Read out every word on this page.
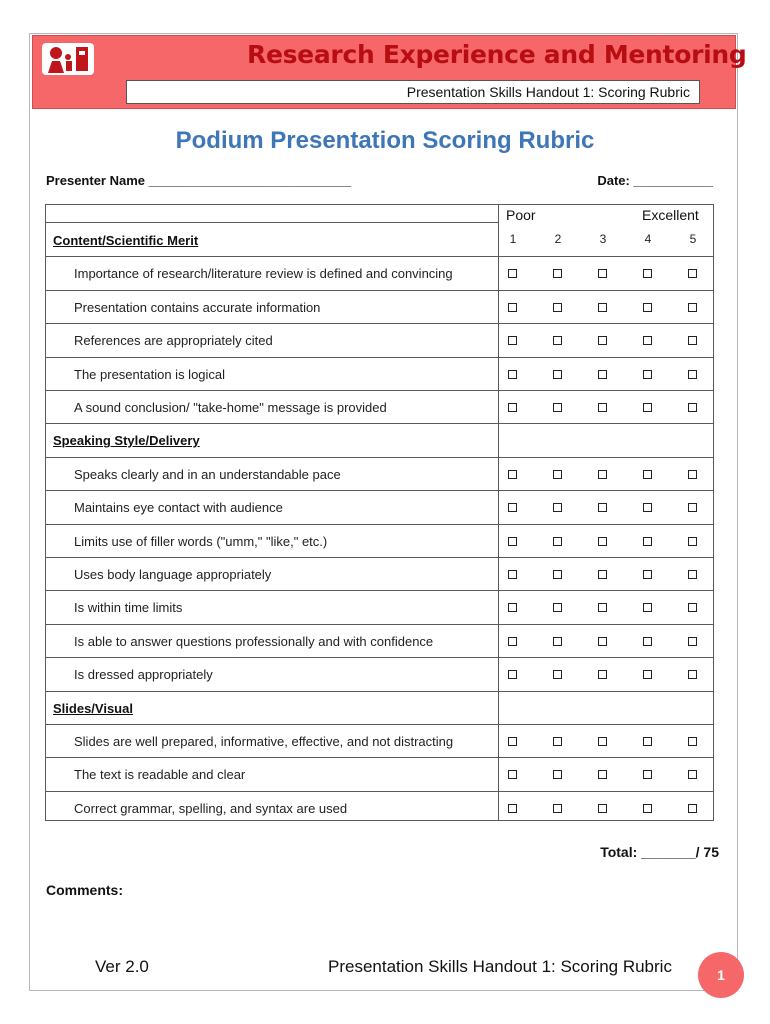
Research Experience and Mentoring
Presentation Skills Handout 1: Scoring Rubric
Podium Presentation Scoring Rubric
Presenter Name ____________________________	Date: ___________
Poor	Excellent
Content/Scientific Merit	1	2	3	4	5
Importance of research/literature review is defined and convincing
Presentation contains accurate information
References are appropriately cited
The presentation is logical
A sound conclusion/ "take-home" message is provided
Speaking Style/Delivery
Speaks clearly and in an understandable pace
Maintains eye contact with audience
Limits use of filler words ("umm," "like," etc.)
Uses body language appropriately
Is within time limits
Is able to answer questions professionally and with confidence
Is dressed appropriately
Slides/Visual
Slides are well prepared, informative, effective, and not distracting
The text is readable and clear
Correct grammar, spelling, and syntax are used
Total: _______/ 75
Comments:
Ver 2.0	Presentation Skills Handout 1: Scoring Rubric	1
